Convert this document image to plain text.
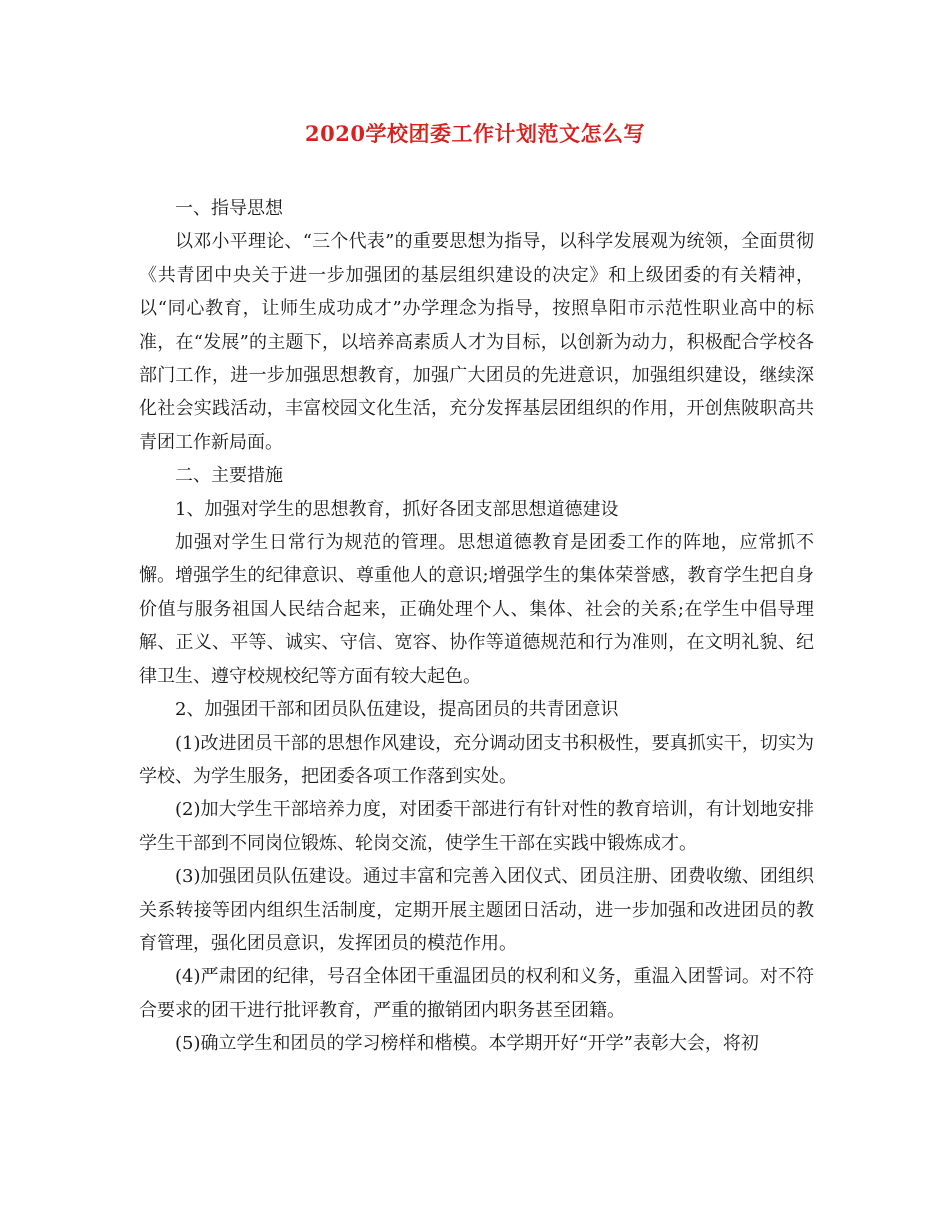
2020学校团委工作计划范文怎么写

一、指导思想

以邓小平理论、“三个代表”的重要思想为指导，以科学发展观为统领，全面贯彻《共青团中央关于进一步加强团的基层组织建设的决定》和上级团委的有关精神，以“同心教育，让师生成功成才”办学理念为指导，按照阜阳市示范性职业高中的标准，在“发展”的主题下，以培养高素质人才为目标，以创新为动力，积极配合学校各部门工作，进一步加强思想教育，加强广大团员的先进意识，加强组织建设，继续深化社会实践活动，丰富校园文化生活，充分发挥基层团组织的作用，开创焦陂职高共青团工作新局面。

二、主要措施

1、加强对学生的思想教育，抓好各团支部思想道德建设

加强对学生日常行为规范的管理。思想道德教育是团委工作的阵地，应常抓不懈。增强学生的纪律意识、尊重他人的意识;增强学生的集体荣誉感，教育学生把自身价值与服务祖国人民结合起来，正确处理个人、集体、社会的关系;在学生中倡导理解、正义、平等、诚实、守信、宽容、协作等道德规范和行为准则，在文明礼貌、纪律卫生、遵守校规校纪等方面有较大起色。

2、加强团干部和团员队伍建设，提高团员的共青团意识

(1)改进团员干部的思想作风建设，充分调动团支书积极性，要真抓实干，切实为学校、为学生服务，把团委各项工作落到实处。

(2)加大学生干部培养力度，对团委干部进行有针对性的教育培训，有计划地安排学生干部到不同岗位锻炼、轮岗交流，使学生干部在实践中锻炼成才。

(3)加强团员队伍建设。通过丰富和完善入团仪式、团员注册、团费收缴、团组织关系转接等团内组织生活制度，定期开展主题团日活动，进一步加强和改进团员的教育管理，强化团员意识，发挥团员的模范作用。

(4)严肃团的纪律，号召全体团干重温团员的权利和义务，重温入团誓词。对不符合要求的团干进行批评教育，严重的撤销团内职务甚至团籍。

(5)确立学生和团员的学习榜样和楷模。本学期开好“开学”表彰大会，将初
